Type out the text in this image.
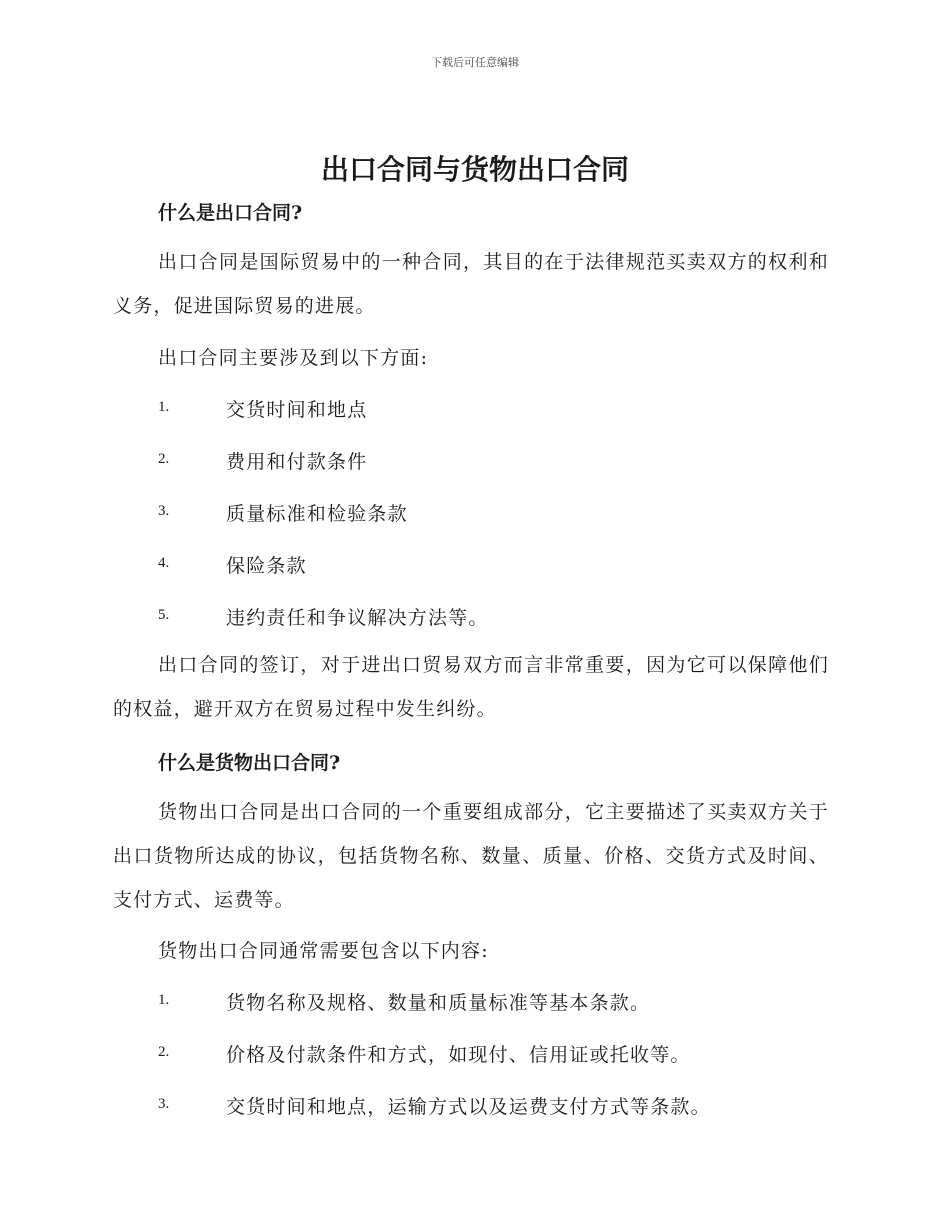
下载后可任意编辑
出口合同与货物出口合同
什么是出口合同?

出口合同是国际贸易中的一种合同，其目的在于法律规范买卖双方的权利和义务，促进国际贸易的进展。

出口合同主要涉及到以下方面:
1.	交货时间和地点
2.	费用和付款条件
3.	质量标准和检验条款
4.	保险条款
5.	违约责任和争议解决方法等。

出口合同的签订，对于进出口贸易双方而言非常重要，因为它可以保障他们的权益，避开双方在贸易过程中发生纠纷。

什么是货物出口合同?

货物出口合同是出口合同的一个重要组成部分，它主要描述了买卖双方关于出口货物所达成的协议，包括货物名称、数量、质量、价格、交货方式及时间、支付方式、运费等。

货物出口合同通常需要包含以下内容:
1.	货物名称及规格、数量和质量标准等基本条款。
2.	价格及付款条件和方式，如现付、信用证或托收等。
3.	交货时间和地点，运输方式以及运费支付方式等条款。
